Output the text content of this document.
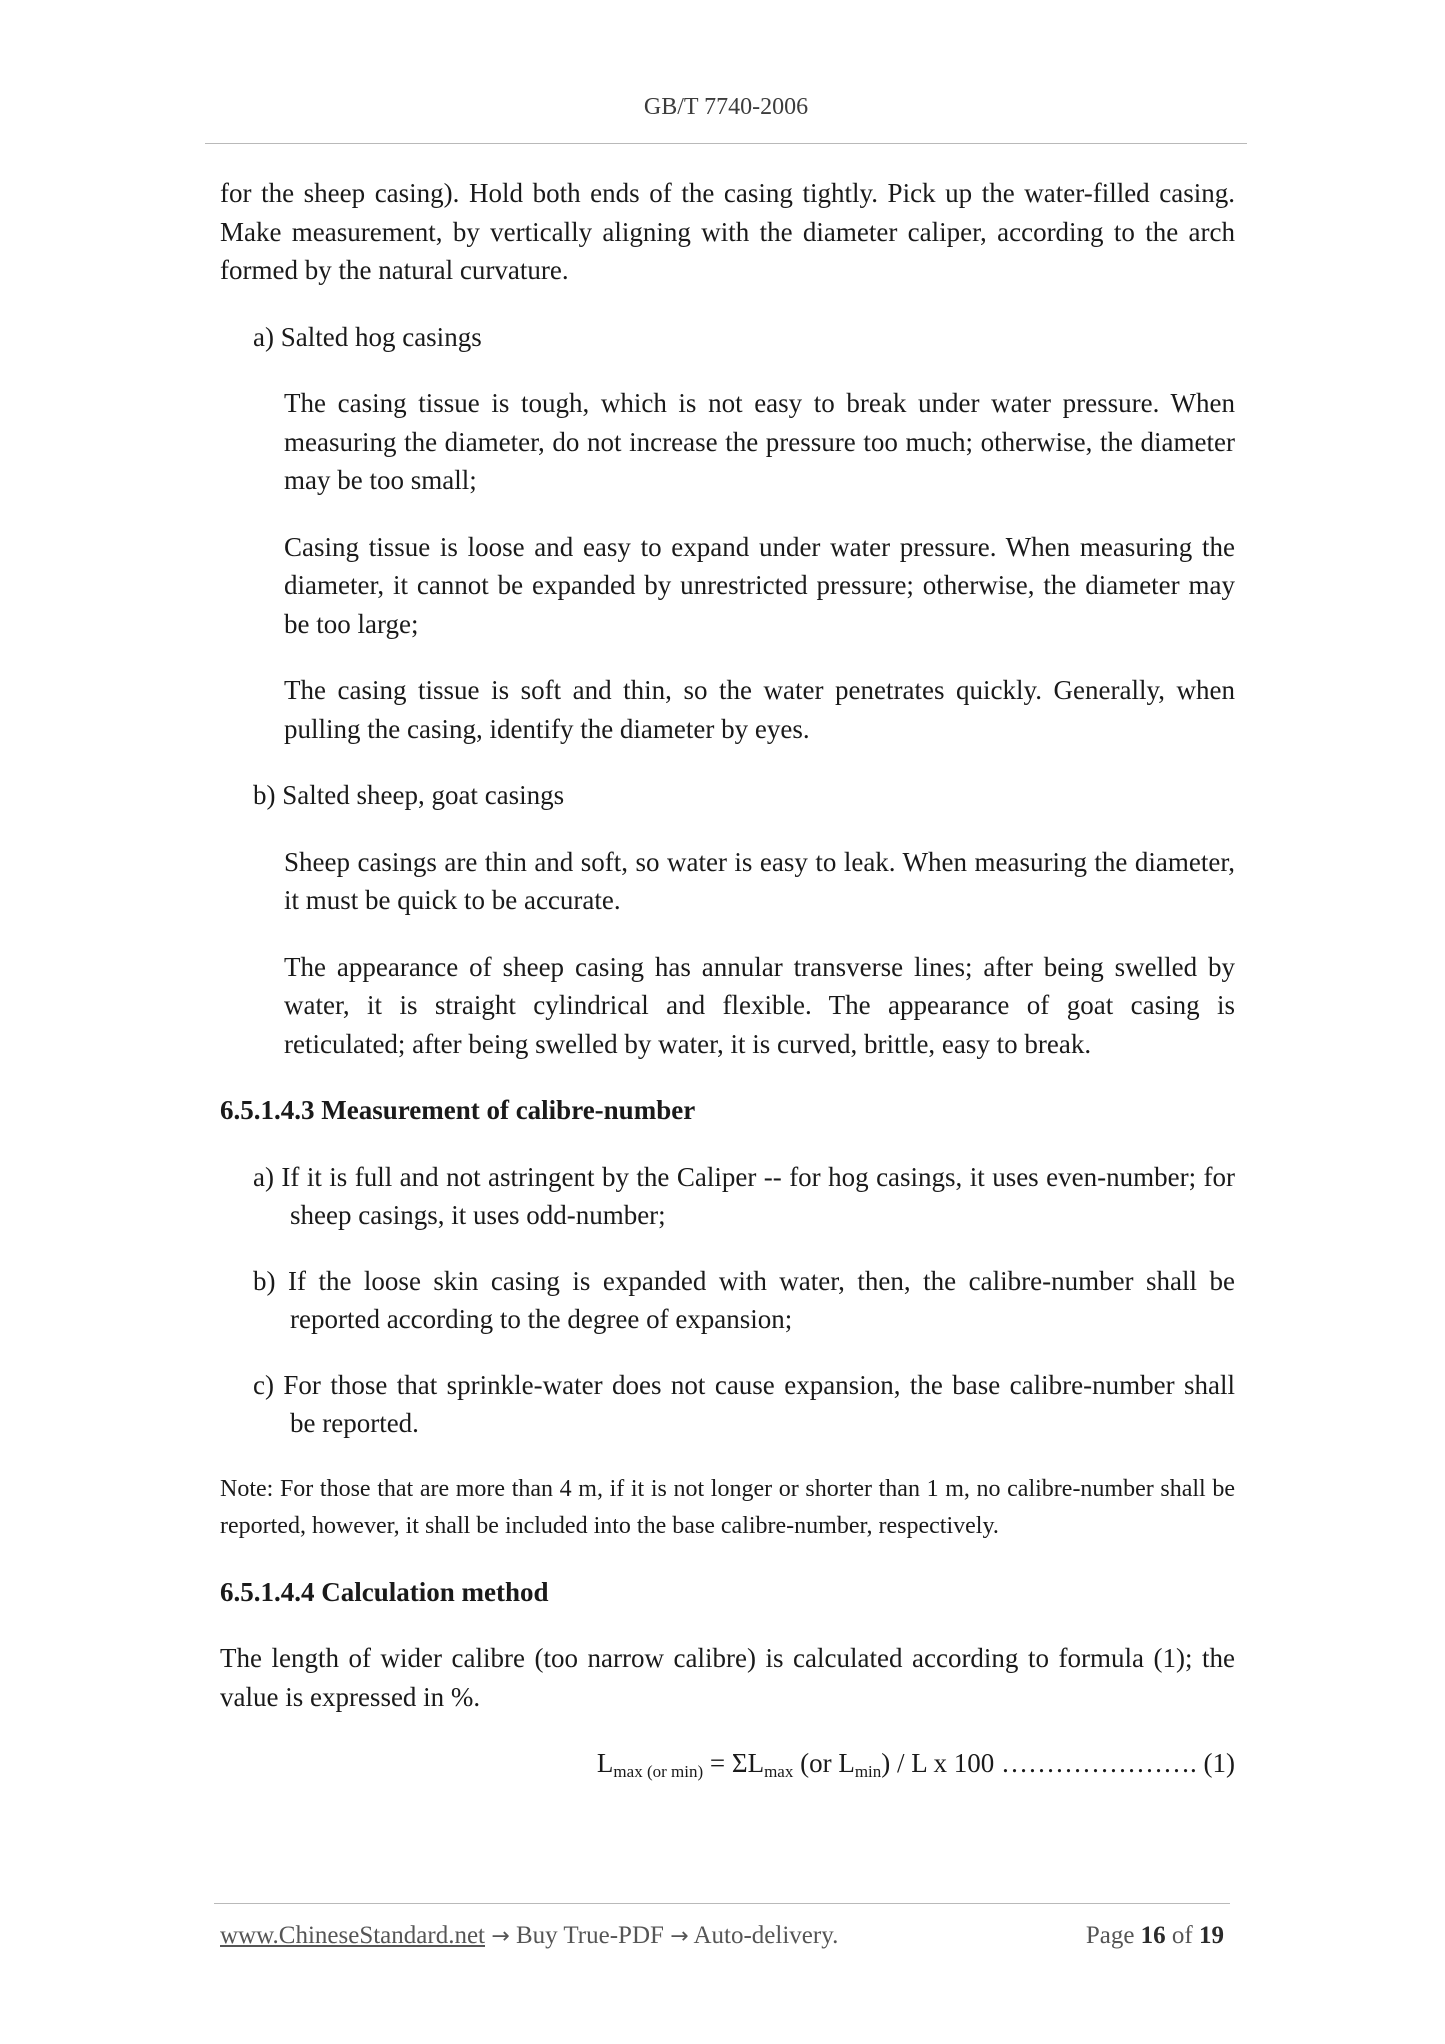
GB/T 7740-2006

for the sheep casing). Hold both ends of the casing tightly. Pick up the water-filled casing. Make measurement, by vertically aligning with the diameter caliper, according to the arch formed by the natural curvature.

a) Salted hog casings

The casing tissue is tough, which is not easy to break under water pressure. When measuring the diameter, do not increase the pressure too much; otherwise, the diameter may be too small;

Casing tissue is loose and easy to expand under water pressure. When measuring the diameter, it cannot be expanded by unrestricted pressure; otherwise, the diameter may be too large;

The casing tissue is soft and thin, so the water penetrates quickly. Generally, when pulling the casing, identify the diameter by eyes.

b) Salted sheep, goat casings

Sheep casings are thin and soft, so water is easy to leak. When measuring the diameter, it must be quick to be accurate.

The appearance of sheep casing has annular transverse lines; after being swelled by water, it is straight cylindrical and flexible. The appearance of goat casing is reticulated; after being swelled by water, it is curved, brittle, easy to break.

6.5.1.4.3 Measurement of calibre-number

a) If it is full and not astringent by the Caliper -- for hog casings, it uses even-number; for sheep casings, it uses odd-number;

b) If the loose skin casing is expanded with water, then, the calibre-number shall be reported according to the degree of expansion;

c) For those that sprinkle-water does not cause expansion, the base calibre-number shall be reported.

Note: For those that are more than 4 m, if it is not longer or shorter than 1 m, no calibre-number shall be reported, however, it shall be included into the base calibre-number, respectively.

6.5.1.4.4 Calculation method

The length of wider calibre (too narrow calibre) is calculated according to formula (1); the value is expressed in %.

$L_{max (or min)} = \Sigma L_{max}$ (or $L_{min}$) / L x 100 …………………. (1)

www.ChineseStandard.net → Buy True-PDF → Auto-delivery.	Page 16 of 19
